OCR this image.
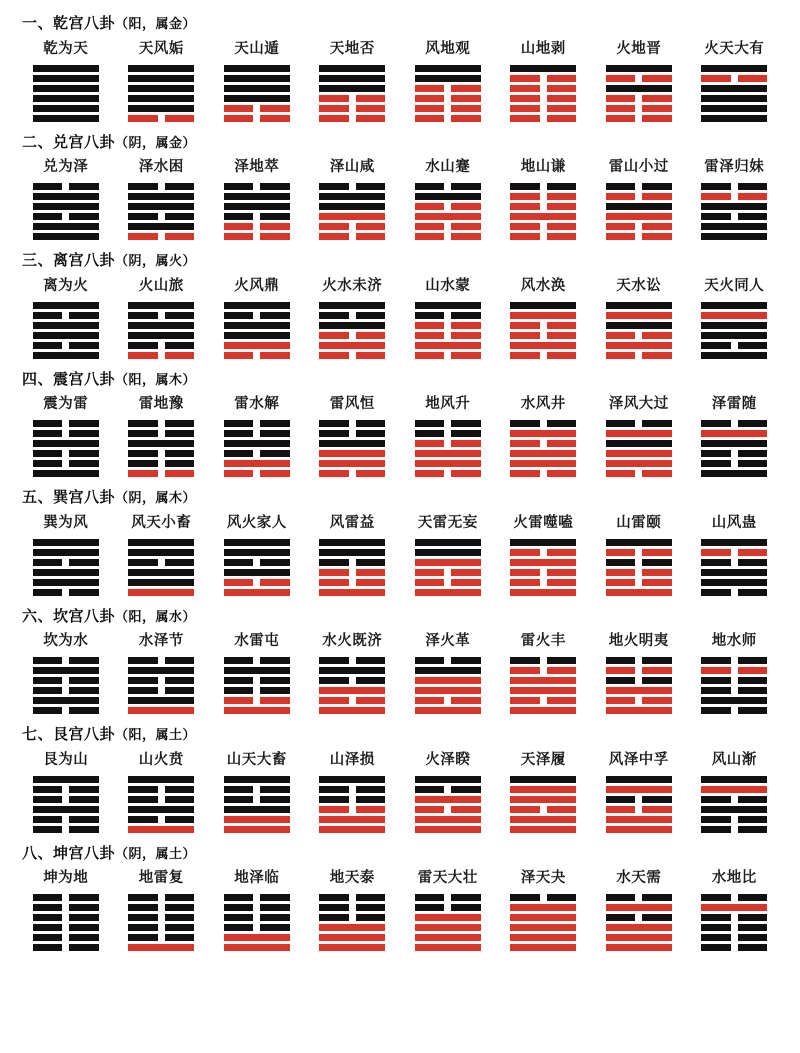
一、乾宫八卦（阳，属金）
乾为天	天风姤	天山遁	天地否	风地观	山地剥	火地晋	火天大有
二、兑宫八卦（阴，属金）
兑为泽	泽水困	泽地萃	泽山咸	水山蹇	地山谦	雷山小过 雷泽归妹
三、离宫八卦（阴，属火）
离为火	火山旅	火风鼎	火水未济	山水蒙	风水涣	天水讼	天火同人
四、震宫八卦（阳，属木）
震为雷	雷地豫	雷水解	雷风恒	地风升	水风井	泽风大过	泽雷随
五、巽宫八卦（阴，属木）
巽为风	风天小畜 风火家人	风雷益	天雷无妄 火雷噬嗑	山雷颐	山风蛊
六、坎宫八卦（阳，属水）
坎为水	水泽节	水雷屯	水火既济	泽火革	雷火丰	地火明夷	地水师
七、艮宫八卦（阳，属土）
艮为山	山火贲	山天大畜	山泽损	火泽睽	天泽履	风泽中孚	风山渐
八、坤宫八卦（阴，属土）
坤为地	地雷复	地泽临	地天泰	雷天大壮	泽天夬	水天需	水地比
